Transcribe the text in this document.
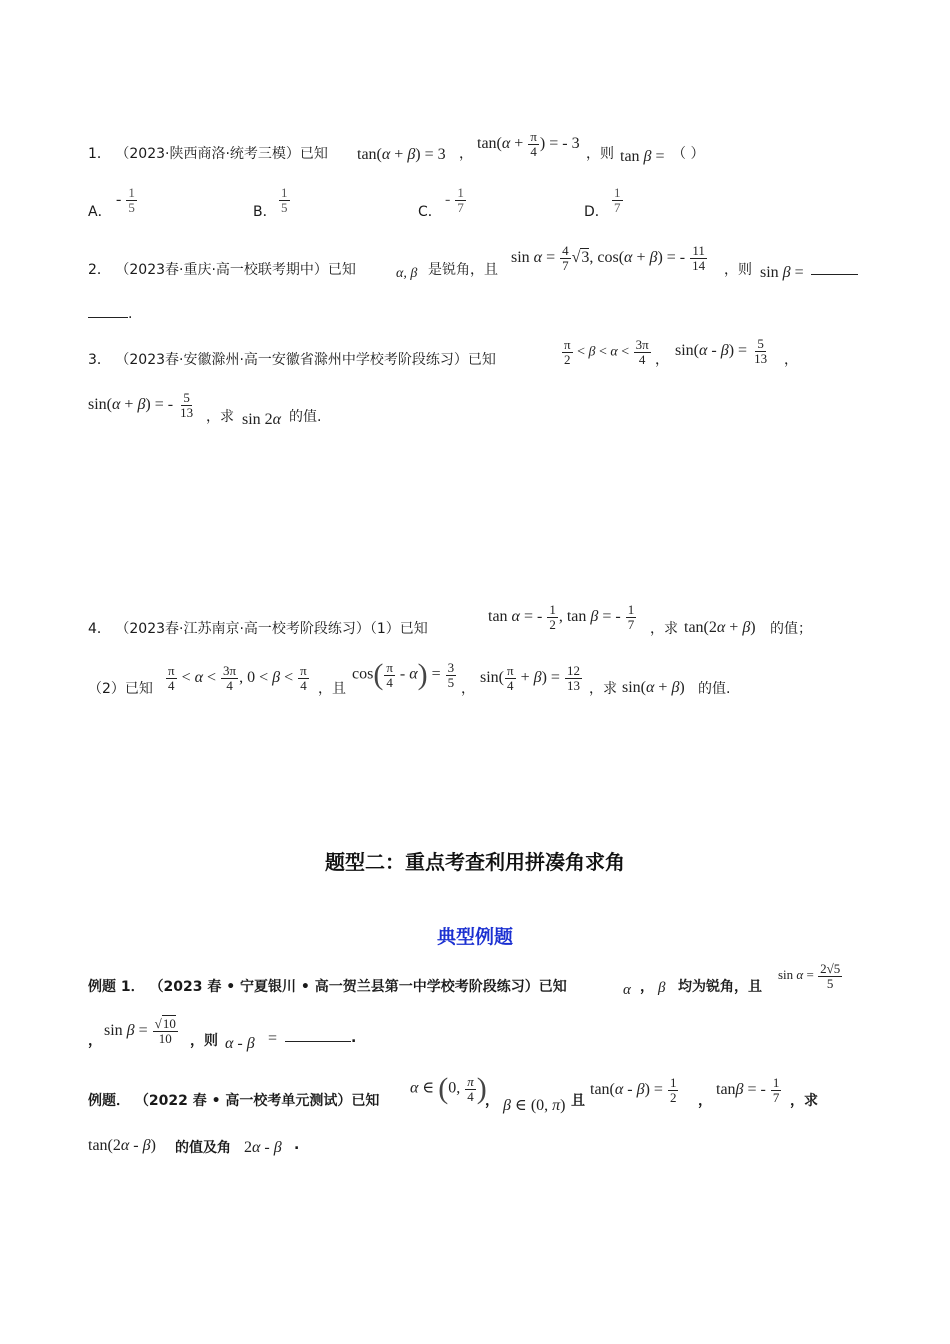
1． （2023·陕西商洛·统考三模）已知 tan(α + β) = 3 ，
$\tan(\alpha + \frac{\pi}{4}$ ) = - 3
，则 tan β = （ ）
A．
- $\frac{1}{5}$	B． $\frac{1}{5}$	C．
- $\frac{1}{7}$	D． $\frac{1}{7}$
2． （2023春·重庆·高一校联考期中）已知	α, β 是锐角，且
$\sin \alpha = \frac{4}{7} √3$, cos(α + β) = - $\frac{11}{14}$ ，则 sin β =
.
3． （2023春·安徽滁州·高一安徽省滁州中学校考阶段练习）已知	$\frac{\pi}{2} < \beta < \alpha < \frac{3\pi}{4}$ ，
$\sin(\alpha - \beta) = \frac{5}{13}$ ，
sin(α + β) = - $\frac{5}{13}$ ，求 sin 2α 的值.
4． （2023春·江苏南京·高一校考阶段练习）（1）已知
tan α = - $\frac{1}{2}$ , tan β = - $\frac{1}{7}$ ，求 tan(2α + β) 的值；
（2）已知 $\frac{\pi}{4} < \alpha < \frac{3\pi}{4}$ , $0 < \beta < \frac{\pi}{4}$ ，且
$\cos( \frac{\pi}{4} - \alpha) = \frac{3}{5}$ ，
$\sin( \frac{\pi}{4} + \beta) = \frac{12}{13}$ ，求 sin(α + β) 的值.
题型二：重点考查利用拼凑角求角
典型例题
例题 1． （2023 春 • 宁夏银川 • 高一贺兰县第一中学校考阶段练习）已知	α ， β 均为锐角，且
$\sin \alpha = \frac{2√5}{5}$
，
$\sin \beta = \frac{√10}{10}$ ，则 α - β =	.
例题． （2022 春 • 高一校考单元测试）已知
α ∈ (0, $\frac{\pi}{4}$ )
， β ∈ (0, π) 且
$\tan(\alpha - \beta) = \frac{1}{2}$ ，
tanβ = - $\frac{1}{7}$ ，求
tan(2α - β) 的值及角 2α - β .
